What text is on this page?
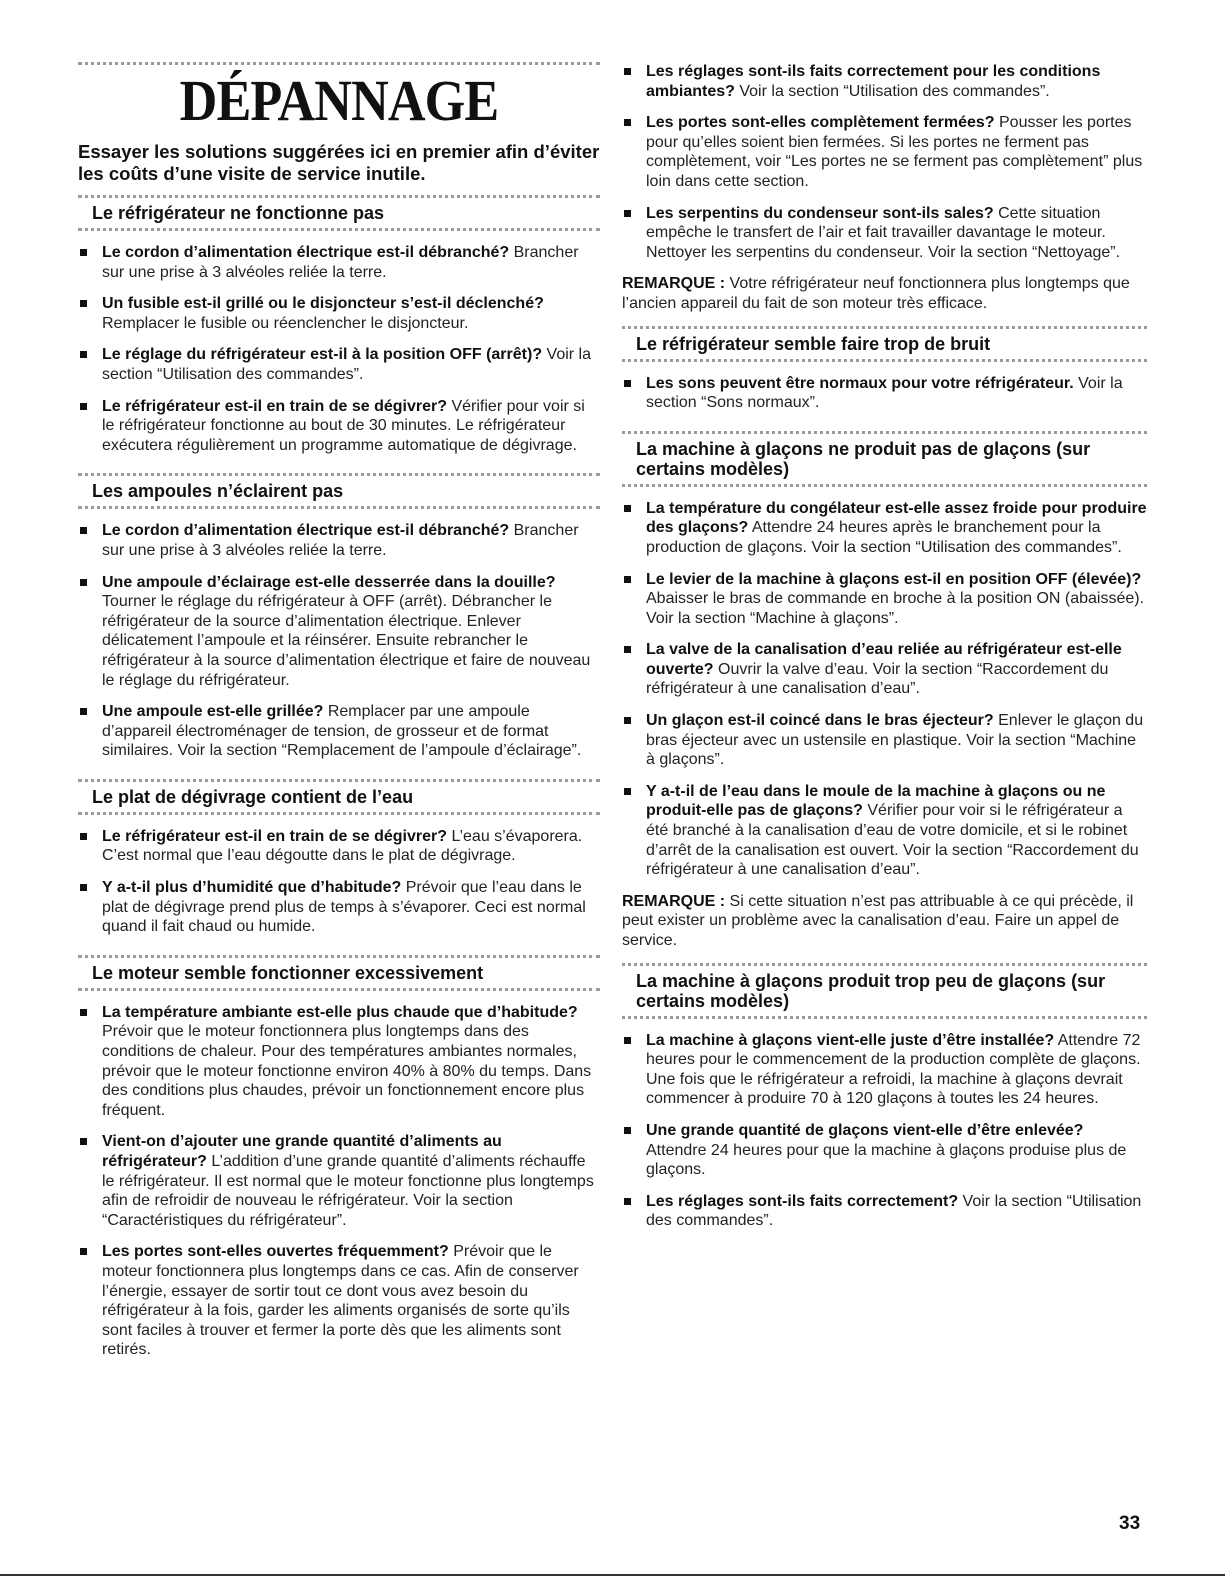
DÉPANNAGE
Essayer les solutions suggérées ici en premier afin d’éviter les coûts d’une visite de service inutile.
Le réfrigérateur ne fonctionne pas
Le cordon d’alimentation électrique est-il débranché? Brancher sur une prise à 3 alvéoles reliée la terre.
Un fusible est-il grillé ou le disjoncteur s’est-il déclenché? Remplacer le fusible ou réenclencher le disjoncteur.
Le réglage du réfrigérateur est-il à la position OFF (arrêt)? Voir la section “Utilisation des commandes”.
Le réfrigérateur est-il en train de se dégivrer? Vérifier pour voir si le réfrigérateur fonctionne au bout de 30 minutes. Le réfrigérateur exécutera régulièrement un programme automatique de dégivrage.
Les ampoules n’éclairent pas
Le cordon d’alimentation électrique est-il débranché? Brancher sur une prise à 3 alvéoles reliée la terre.
Une ampoule d’éclairage est-elle desserrée dans la douille? Tourner le réglage du réfrigérateur à OFF (arrêt). Débrancher le réfrigérateur de la source d’alimentation électrique. Enlever délicatement l’ampoule et la réinsérer. Ensuite rebrancher le réfrigérateur à la source d’alimentation électrique et faire de nouveau le réglage du réfrigérateur.
Une ampoule est-elle grillée? Remplacer par une ampoule d’appareil électroménager de tension, de grosseur et de format similaires. Voir la section “Remplacement de l’ampoule d’éclairage”.
Le plat de dégivrage contient de l’eau
Le réfrigérateur est-il en train de se dégivrer? L’eau s’évaporera. C’est normal que l’eau dégoutte dans le plat de dégivrage.
Y a-t-il plus d’humidité que d’habitude? Prévoir que l’eau dans le plat de dégivrage prend plus de temps à s’évaporer. Ceci est normal quand il fait chaud ou humide.
Le moteur semble fonctionner excessivement
La température ambiante est-elle plus chaude que d’habitude? Prévoir que le moteur fonctionnera plus longtemps dans des conditions de chaleur. Pour des températures ambiantes normales, prévoir que le moteur fonctionne environ 40% à 80% du temps. Dans des conditions plus chaudes, prévoir un fonctionnement encore plus fréquent.
Vient-on d’ajouter une grande quantité d’aliments au réfrigérateur? L’addition d’une grande quantité d’aliments réchauffe le réfrigérateur. Il est normal que le moteur fonctionne plus longtemps afin de refroidir de nouveau le réfrigérateur. Voir la section “Caractéristiques du réfrigérateur”.
Les portes sont-elles ouvertes fréquemment? Prévoir que le moteur fonctionnera plus longtemps dans ce cas. Afin de conserver l’énergie, essayer de sortir tout ce dont vous avez besoin du réfrigérateur à la fois, garder les aliments organisés de sorte qu’ils sont faciles à trouver et fermer la porte dès que les aliments sont retirés.
Les réglages sont-ils faits correctement pour les conditions ambiantes? Voir la section “Utilisation des commandes”.
Les portes sont-elles complètement fermées? Pousser les portes pour qu’elles soient bien fermées. Si les portes ne ferment pas complètement, voir “Les portes ne se ferment pas complètement” plus loin dans cette section.
Les serpentins du condenseur sont-ils sales? Cette situation empêche le transfert de l’air et fait travailler davantage le moteur. Nettoyer les serpentins du condenseur. Voir la section “Nettoyage”.
REMARQUE : Votre réfrigérateur neuf fonctionnera plus longtemps que l’ancien appareil du fait de son moteur très efficace.
Le réfrigérateur semble faire trop de bruit
Les sons peuvent être normaux pour votre réfrigérateur. Voir la section “Sons normaux”.
La machine à glaçons ne produit pas de glaçons (sur certains modèles)
La température du congélateur est-elle assez froide pour produire des glaçons? Attendre 24 heures après le branchement pour la production de glaçons. Voir la section “Utilisation des commandes”.
Le levier de la machine à glaçons est-il en position OFF (élevée)? Abaisser le bras de commande en broche à la position ON (abaissée). Voir la section “Machine à glaçons”.
La valve de la canalisation d’eau reliée au réfrigérateur est-elle ouverte? Ouvrir la valve d’eau. Voir la section “Raccordement du réfrigérateur à une canalisation d’eau”.
Un glaçon est-il coincé dans le bras éjecteur? Enlever le glaçon du bras éjecteur avec un ustensile en plastique. Voir la section “Machine à glaçons”.
Y a-t-il de l’eau dans le moule de la machine à glaçons ou ne produit-elle pas de glaçons? Vérifier pour voir si le réfrigérateur a été branché à la canalisation d’eau de votre domicile, et si le robinet d’arrêt de la canalisation est ouvert. Voir la section “Raccordement du réfrigérateur à une canalisation d’eau”.
REMARQUE : Si cette situation n’est pas attribuable à ce qui précède, il peut exister un problème avec la canalisation d’eau. Faire un appel de service.
La machine à glaçons produit trop peu de glaçons (sur certains modèles)
La machine à glaçons vient-elle juste d’être installée? Attendre 72 heures pour le commencement de la production complète de glaçons. Une fois que le réfrigérateur a refroidi, la machine à glaçons devrait commencer à produire 70 à 120 glaçons à toutes les 24 heures.
Une grande quantité de glaçons vient-elle d’être enlevée? Attendre 24 heures pour que la machine à glaçons produise plus de glaçons.
Les réglages sont-ils faits correctement? Voir la section “Utilisation des commandes”.
33
